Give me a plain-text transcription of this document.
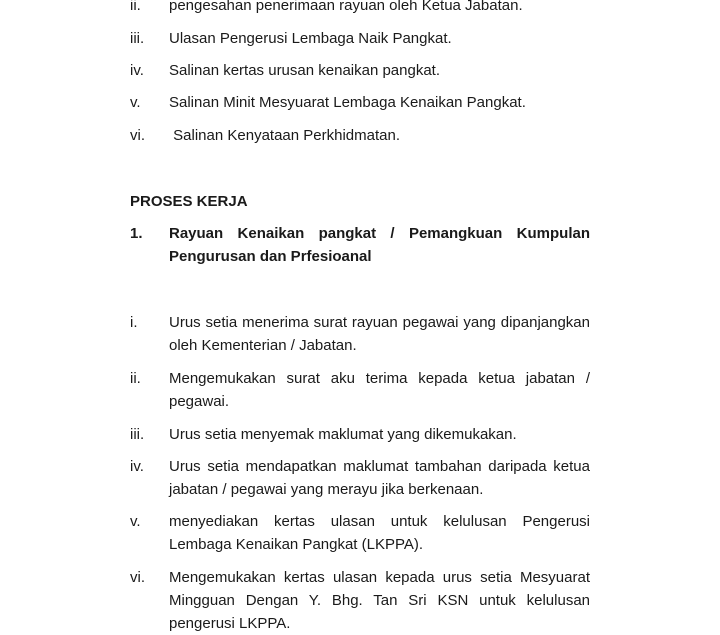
ii.	pengesahan penerimaan rayuan oleh Ketua Jabatan.
iii.	Ulasan Pengerusi Lembaga Naik Pangkat.
iv.	Salinan kertas urusan kenaikan pangkat.
v.	Salinan Minit Mesyuarat Lembaga Kenaikan Pangkat.
vi.	Salinan Kenyataan Perkhidmatan.
PROSES KERJA
1.	Rayuan Kenaikan pangkat / Pemangkuan Kumpulan Pengurusan dan Prfesioanal
i.	Urus setia menerima surat rayuan pegawai yang dipanjangkan oleh Kementerian / Jabatan.
ii.	Mengemukakan surat aku terima kepada ketua jabatan / pegawai.
iii.	Urus setia menyemak maklumat yang dikemukakan.
iv.	Urus setia mendapatkan maklumat tambahan daripada ketua jabatan / pegawai yang merayu jika berkenaan.
v.	menyediakan kertas ulasan untuk kelulusan Pengerusi Lembaga Kenaikan Pangkat (LKPPA).
vi.	Mengemukakan kertas ulasan kepada urus setia Mesyuarat Mingguan Dengan Y. Bhg. Tan Sri KSN untuk kelulusan pengerusi LKPPA.
